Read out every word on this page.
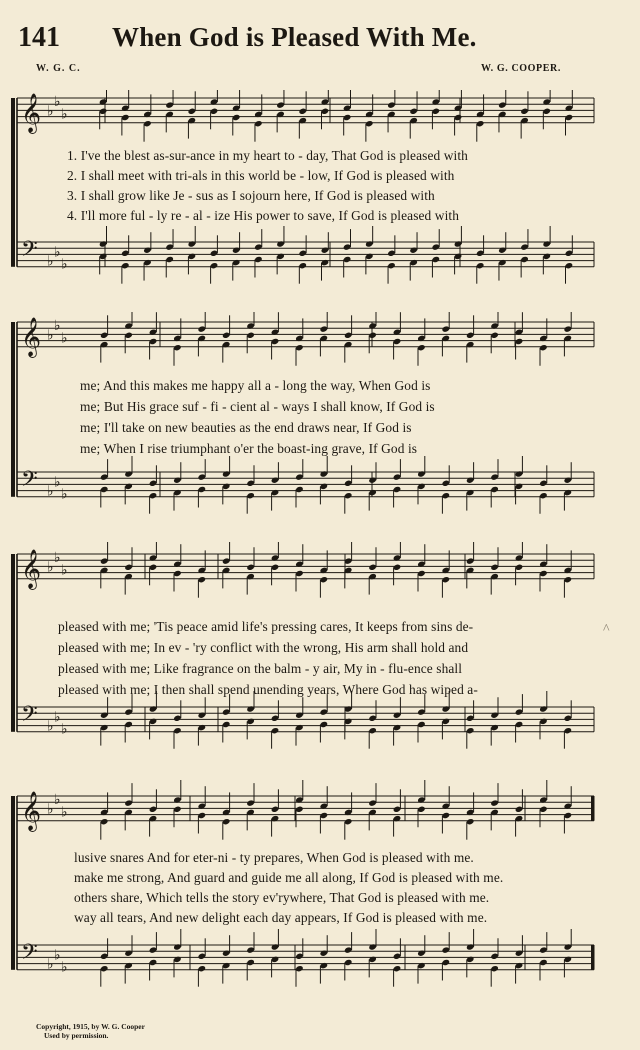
141 When God is Pleased With Me.
W. G. C.	W. G. COOPER.
𝄞
𝄢
♭
♭
♭
♭
♭
♭
1. I've the blest as-sur-ance in my heart to - day, That God is pleased with
2. I shall meet with tri-als in this world be - low, If God is pleased with
3. I shall grow like Je - sus as I sojourn here, If God is pleased with
4. I'll more ful - ly re - al - ize His power to save, If God is pleased with
𝄞
𝄢
♭
♭
♭
♭
♭
♭
me; And this makes me happy all a - long the way, When God is
me; But His grace suf - fi - cient al - ways I shall know, If God is
me; I'll take on new beauties as the end draws near, If God is
me; When I rise triumphant o'er the boast-ing grave, If God is
𝄞
𝄢
♭
♭
♭
♭
♭
♭
pleased with me; 'Tis peace amid life's pressing cares, It keeps from sins de-
pleased with me; In ev - 'ry conflict with the wrong, His arm shall hold and
pleased with me; Like fragrance on the balm - y air, My in - flu-ence shall
pleased with me; I then shall spend unending years, Where God has wiped a-
𝄞
𝄢
♭
♭
♭
♭
♭
♭
lusive snares And for eter-ni - ty prepares, When God is pleased with me.
make me strong, And guard and guide me all along, If God is pleased with me.
others share, Which tells the story ev'rywhere, That God is pleased with me.
way all tears, And new delight each day appears, If God is pleased with me.
^
Copyright, 1915, by W. G. Cooper
Used by permission.
